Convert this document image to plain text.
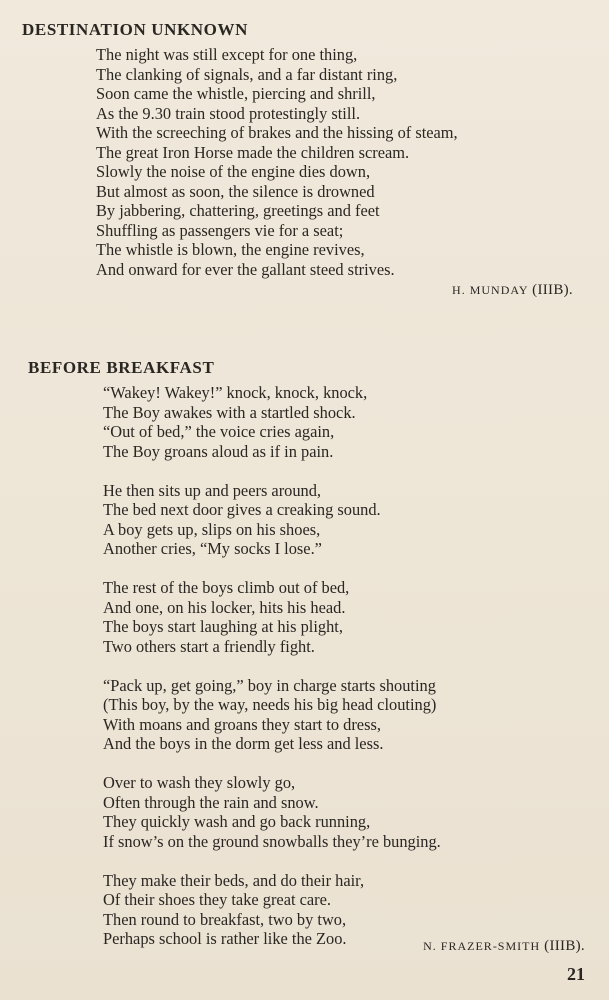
DESTINATION UNKNOWN
The night was still except for one thing,
The clanking of signals, and a far distant ring,
Soon came the whistle, piercing and shrill,
As the 9.30 train stood protestingly still.
With the screeching of brakes and the hissing of steam,
The great Iron Horse made the children scream.
Slowly the noise of the engine dies down,
But almost as soon, the silence is drowned
By jabbering, chattering, greetings and feet
Shuffling as passengers vie for a seat;
The whistle is blown, the engine revives,
And onward for ever the gallant steed strives.
H. MUNDAY (IIIB).
BEFORE BREAKFAST
“Wakey! Wakey!” knock, knock, knock,
The Boy awakes with a startled shock.
“Out of bed,” the voice cries again,
The Boy groans aloud as if in pain.
He then sits up and peers around,
The bed next door gives a creaking sound.
A boy gets up, slips on his shoes,
Another cries, “My socks I lose.”
The rest of the boys climb out of bed,
And one, on his locker, hits his head.
The boys start laughing at his plight,
Two others start a friendly fight.
“Pack up, get going,” boy in charge starts shouting
(This boy, by the way, needs his big head clouting)
With moans and groans they start to dress,
And the boys in the dorm get less and less.
Over to wash they slowly go,
Often through the rain and snow.
They quickly wash and go back running,
If snow’s on the ground snowballs they’re bunging.
They make their beds, and do their hair,
Of their shoes they take great care.
Then round to breakfast, two by two,
Perhaps school is rather like the Zoo.	N. FRAZER-SMITH (IIIB).
21
